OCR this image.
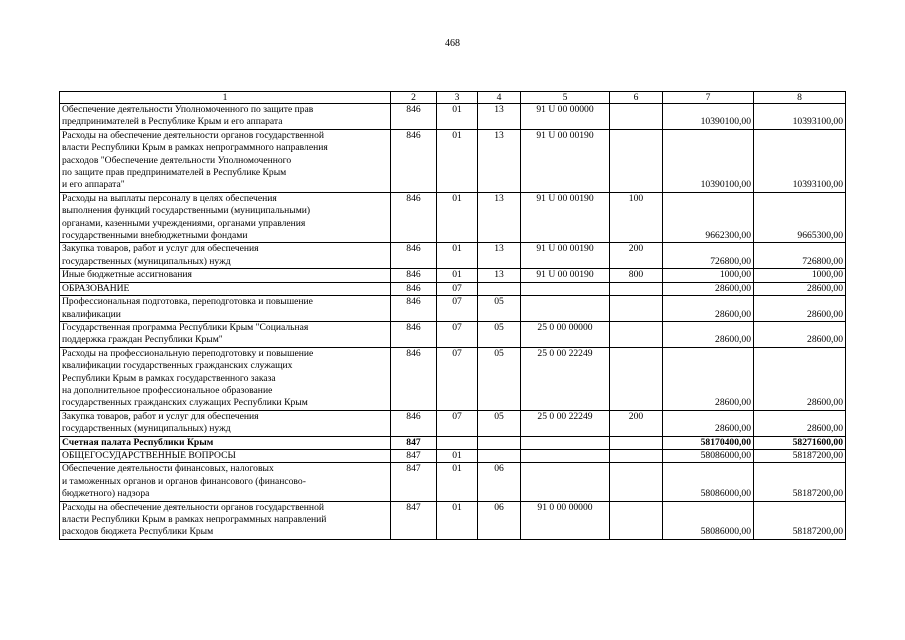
468
1	2	3	4	5	6	7	8
Обеспечение деятельности Уполномоченного по защите прав
предпринимателей в Республике Крым и его аппарата	846	01	13	91 U 00 00000		10390100,00	10393100,00
Расходы на обеспечение деятельности органов государственной
власти Республики Крым в рамках непрограммного направления
расходов "Обеспечение деятельности Уполномоченного
по защите прав предпринимателей в Республике Крым
и его аппарата"	846	01	13	91 U 00 00190		10390100,00	10393100,00
Расходы на выплаты персоналу в целях обеспечения
выполнения функций государственными (муниципальными)
органами, казенными учреждениями, органами управления
государственными внебюджетными фондами	846	01	13	91 U 00 00190	100	9662300,00	9665300,00
Закупка товаров, работ и услуг для обеспечения
государственных (муниципальных) нужд	846	01	13	91 U 00 00190	200	726800,00	726800,00
Иные бюджетные ассигнования	846	01	13	91 U 00 00190	800	1000,00	1000,00
ОБРАЗОВАНИЕ	846	07				28600,00	28600,00
Профессиональная подготовка, переподготовка и повышение
квалификации	846	07	05			28600,00	28600,00
Государственная программа Республики Крым "Социальная
поддержка граждан Республики Крым"	846	07	05	25 0 00 00000		28600,00	28600,00
Расходы на профессиональную переподготовку и повышение
квалификации государственных гражданских служащих
Республики Крым в рамках государственного заказа
на дополнительное профессиональное образование
государственных гражданских служащих Республики Крым	846	07	05	25 0 00 22249		28600,00	28600,00
Закупка товаров, работ и услуг для обеспечения
государственных (муниципальных) нужд	846	07	05	25 0 00 22249	200	28600,00	28600,00
Счетная палата Республики Крым	847					58170400,00	58271600,00
ОБЩЕГОСУДАРСТВЕННЫЕ ВОПРОСЫ	847	01				58086000,00	58187200,00
Обеспечение деятельности финансовых, налоговых
и таможенных органов и органов финансового (финансово-
бюджетного) надзора	847	01	06			58086000,00	58187200,00
Расходы на обеспечение деятельности органов государственной
власти Республики Крым в рамках непрограммных направлений
расходов бюджета Республики Крым	847	01	06	91 0 00 00000		58086000,00	58187200,00
